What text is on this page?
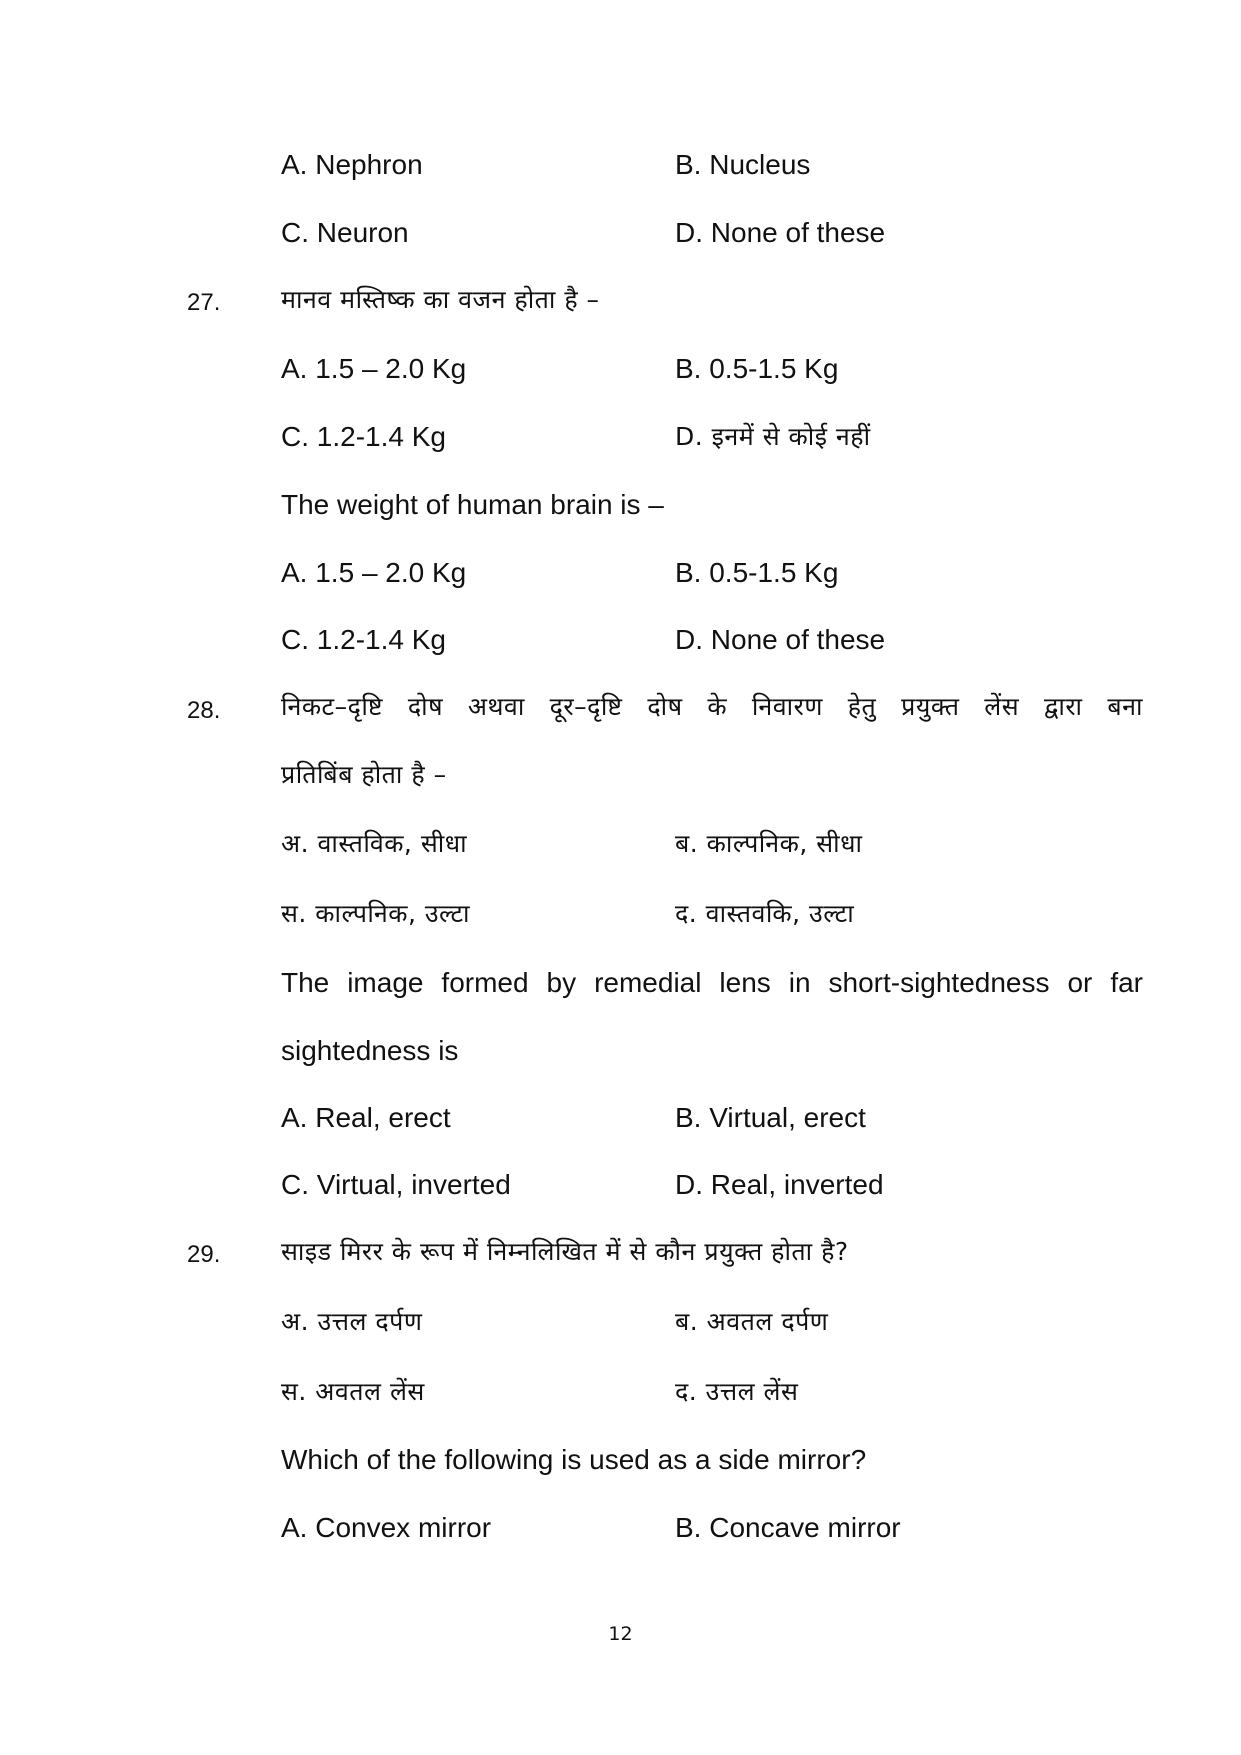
A. Nephron	B. Nucleus
C. Neuron	D. None of these
27. मानव मस्तिष्क का वजन होता है –
A. 1.5 – 2.0 Kg	B. 0.5-1.5 Kg
C. 1.2-1.4 Kg	D. इनमें से कोई नहीं
The weight of human brain is –
A. 1.5 – 2.0 Kg	B. 0.5-1.5 Kg
C. 1.2-1.4 Kg	D. None of these
28. निकट–दृष्टि दोष अथवा दूर–दृष्टि दोष के निवारण हेतु प्रयुक्त लेंस द्वारा बना
प्रतिबिंब होता है –
अ. वास्तविक, सीधा	ब. काल्पनिक, सीधा
स. काल्पनिक, उल्टा	द. वास्तवकि, उल्टा
The image formed by remedial lens in short-sightedness or far
sightedness is
A. Real, erect	B. Virtual, erect
C. Virtual, inverted	D. Real, inverted
29. साइड मिरर के रूप में निम्नलिखित में से कौन प्रयुक्त होता है?
अ. उत्तल दर्पण	ब. अवतल दर्पण
स. अवतल लेंस	द. उत्तल लेंस
Which of the following is used as a side mirror?
A. Convex mirror	B. Concave mirror
12
